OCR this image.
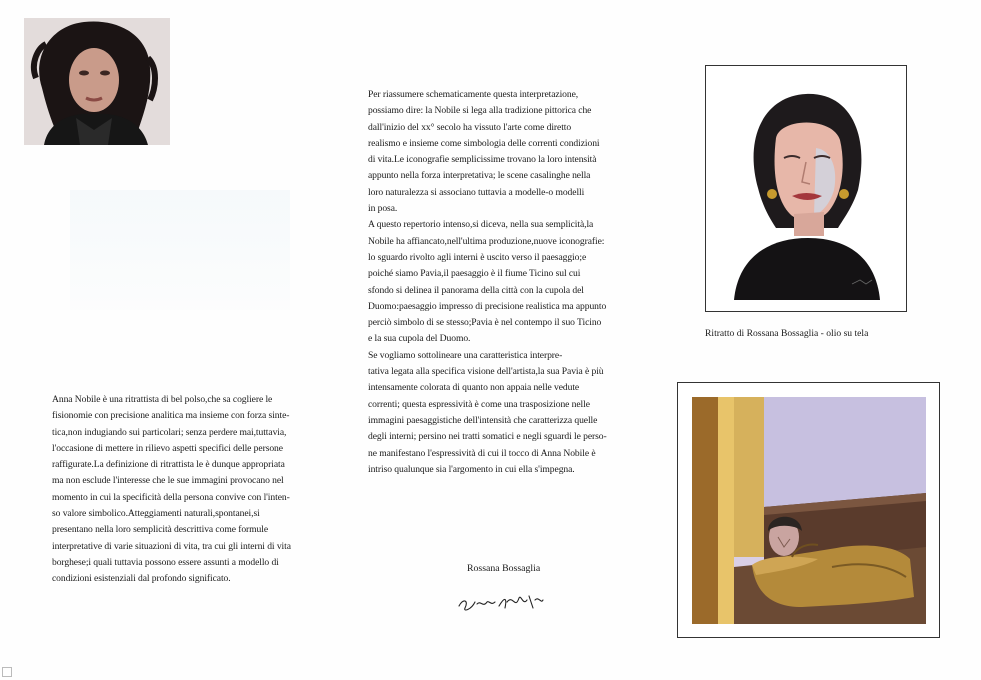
Anna Nobile è una ritrattista di bel polso,che sa cogliere le
fisionomie con precisione analitica ma insieme con forza sinte-
tica,non indugiando sui particolari; senza perdere mai,tuttavia,
l'occasione di mettere in rilievo aspetti specifici delle persone
raffigurate.La definizione di ritrattista le è dunque appropriata
ma non esclude l'interesse che le sue immagini provocano nel
momento in cui la specificità della persona convive con l'inten-
so valore simbolico.Atteggiamenti naturali,spontanei,si
presentano nella loro semplicità descrittiva come formule
interpretative di varie situazioni di vita, tra cui gli interni di vita
borghese;i quali tuttavia possono essere assunti a modello di
condizioni esistenziali dal profondo significato.

Per riassumere schematicamente questa interpretazione,
possiamo dire: la Nobile si lega alla tradizione pittorica che
dall'inizio del xx° secolo ha vissuto l'arte come diretto
realismo e insieme come simbologia delle correnti condizioni
di vita.Le iconografie semplicissime trovano la loro intensità
appunto nella forza interpretativa; le scene casalinghe nella
loro naturalezza si associano tuttavia a modelle-o modelli
in posa.
A questo repertorio intenso,si diceva, nella sua semplicità,la
Nobile ha affiancato,nell'ultima produzione,nuove iconografie:
lo sguardo rivolto agli interni è uscito verso il paesaggio;e
poiché siamo Pavia,il paesaggio è il fiume Ticino sul cui
sfondo si delinea il panorama della città con la cupola del
Duomo:paesaggio impresso di precisione realistica ma appunto
perciò simbolo di se stesso;Pavia è nel contempo il suo Ticino
e la sua cupola del Duomo.
Se vogliamo sottolineare una caratteristica interpre-
tativa legata alla specifica visione dell'artista,la sua Pavia è più
intensamente colorata di quanto non appaia nelle vedute
correnti; questa espressività è come una trasposizione nelle
immagini paesaggistiche dell'intensità che caratterizza quelle
degli interni; persino nei tratti somatici e negli sguardi le perso-
ne manifestano l'espressività di cui il tocco di Anna Nobile è
intriso qualunque sia l'argomento in cui ella s'impegna.

Rossana Bossaglia
Ritratto di Rossana Bossaglia - olio su tela
